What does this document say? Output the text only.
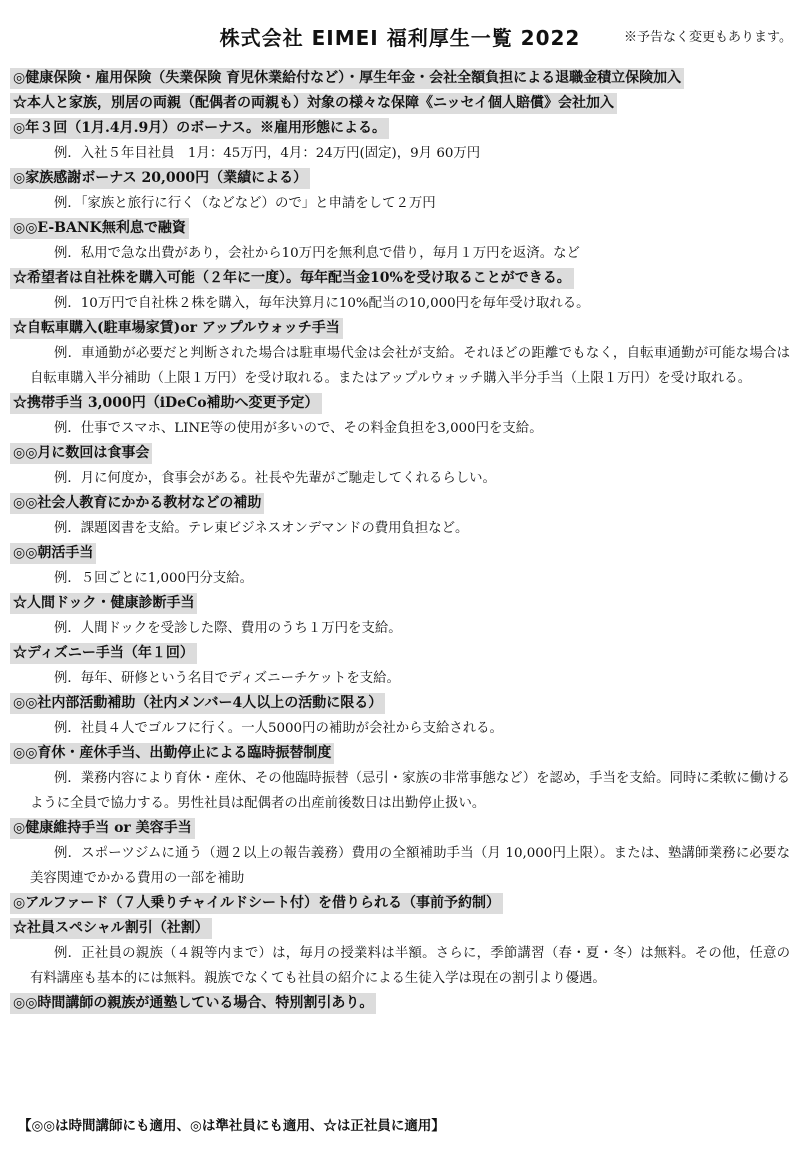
株式会社 EIMEI 福利厚生一覧 2022	※予告なく変更もあります。
◎健康保険・雇用保険（失業保険 育児休業給付など）・厚生年金・会社全額負担による退職金積立保険加入
☆本人と家族，別居の両親（配偶者の両親も）対象の様々な保障《ニッセイ個人賠償》会社加入
◎年３回（1月.4月.9月）のボーナス。※雇用形態による。
例．入社５年目社員　1月：45万円，4月：24万円(固定)，9月 60万円
◎家族感謝ボーナス 20,000円（業績による）
例．「家族と旅行に行く（などなど）ので」と申請をして２万円
◎◎E-BANK無利息で融資
例．私用で急な出費があり，会社から10万円を無利息で借り，毎月１万円を返済。など
☆希望者は自社株を購入可能（２年に一度）。毎年配当金10%を受け取ることができる。
例．10万円で自社株２株を購入，毎年決算月に10%配当の10,000円を毎年受け取れる。
☆自転車購入(駐車場家賃)or アップルウォッチ手当
例．車通勤が必要だと判断された場合は駐車場代金は会社が支給。それほどの距離でもなく，自転車通勤が可能な場合は自転車購入半分補助（上限１万円）を受け取れる。またはアップルウォッチ購入半分手当（上限１万円）を受け取れる。
☆携帯手当 3,000円（iDeCo補助へ変更予定）
例．仕事でスマホ、LINE等の使用が多いので、その料金負担を3,000円を支給。
◎◎月に数回は食事会
例．月に何度か，食事会がある。社長や先輩がご馳走してくれるらしい。
◎◎社会人教育にかかる教材などの補助
例．課題図書を支給。テレ東ビジネスオンデマンドの費用負担など。
◎◎朝活手当
例．５回ごとに1,000円分支給。
☆人間ドック・健康診断手当
例．人間ドックを受診した際、費用のうち１万円を支給。
☆ディズニー手当（年１回）
例．毎年、研修という名目でディズニーチケットを支給。
◎◎社内部活動補助（社内メンバー4人以上の活動に限る）
例．社員４人でゴルフに行く。一人5000円の補助が会社から支給される。
◎◎育休・産休手当、出勤停止による臨時振替制度
例．業務内容により育休・産休、その他臨時振替（忌引・家族の非常事態など）を認め，手当を支給。同時に柔軟に働けるように全員で協力する。男性社員は配偶者の出産前後数日は出勤停止扱い。
◎健康維持手当 or 美容手当
例．スポーツジムに通う（週２以上の報告義務）費用の全額補助手当（月 10,000円上限）。または、塾講師業務に必要な美容関連でかかる費用の一部を補助
◎アルファード（７人乗りチャイルドシート付）を借りられる（事前予約制）
☆社員スペシャル割引（社割）
例．正社員の親族（４親等内まで）は，毎月の授業料は半額。さらに，季節講習（春・夏・冬）は無料。その他，任意の有料講座も基本的には無料。親族でなくても社員の紹介による生徒入学は現在の割引より優遇。
◎◎時間講師の親族が通塾している場合、特別割引あり。
【◎◎は時間講師にも適用、◎は準社員にも適用、☆は正社員に適用】
